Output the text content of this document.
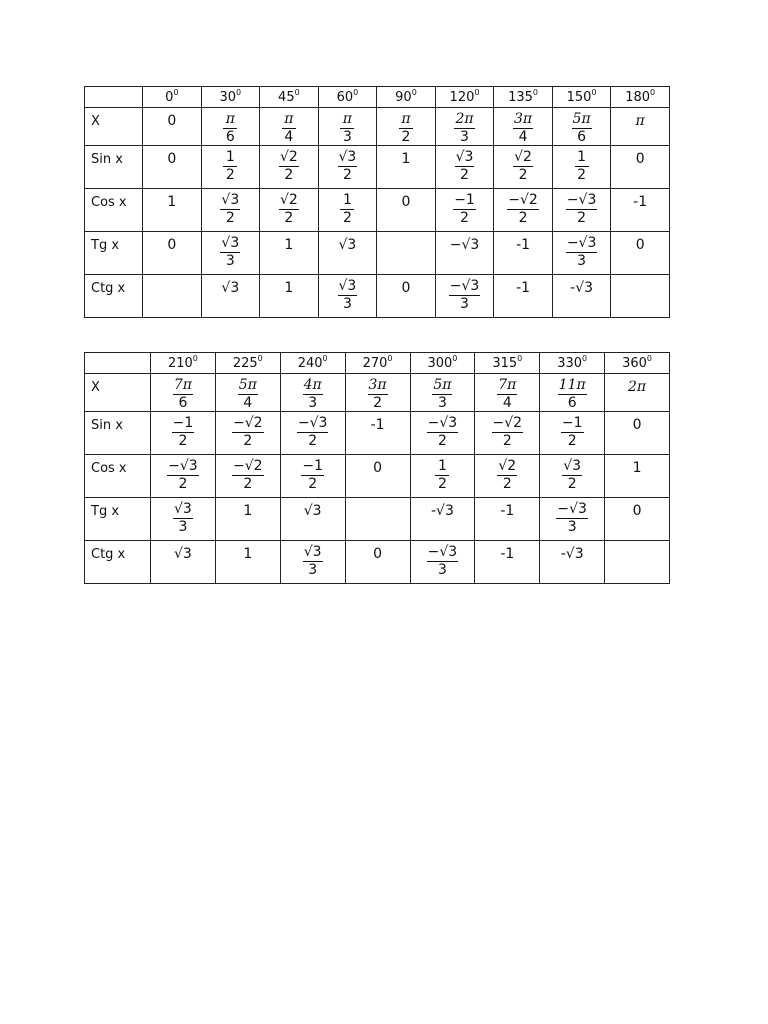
	$0^0$	$30^0$	$45^0$	$60^0$	$90^0$	$120^0$	$135^0$	$150^0$	$180^0$
X	0	$\frac{\pi}{6}$	$\frac{\pi}{4}$	$\frac{\pi}{3}$	$\frac{\pi}{2}$	$\frac{2\pi}{3}$	$\frac{3\pi}{4}$	$\frac{5\pi}{6}$	π
Sin x	0	$\frac{1}{2}$	$\frac{√2}{2}$	$\frac{√3}{2}$	1	$\frac{√3}{2}$	$\frac{√2}{2}$	$\frac{1}{2}$	0
Cos x	1	$\frac{√3}{2}$	$\frac{√2}{2}$	$\frac{1}{2}$	0	$\frac{-1}{2}$	$\frac{-√2}{2}$	$\frac{-√3}{2}$	-1
Tg x	0	$\frac{√3}{3}$	1	√3		−√3	-1	$\frac{-√3}{3}$	0
Ctg x		√3	1	$\frac{√3}{3}$	0	$\frac{-√3}{3}$	-1	-√3	
	$210^0$	$225^0$	$240^0$	$270^0$	$300^0$	$315^0$	$330^0$	$360^0$
X	$\frac{7\pi}{6}$	$\frac{5\pi}{4}$	$\frac{4\pi}{3}$	$\frac{3\pi}{2}$	$\frac{5\pi}{3}$	$\frac{7\pi}{4}$	$\frac{11\pi}{6}$	2π
Sin x	$\frac{-1}{2}$	$\frac{-√2}{2}$	$\frac{-√3}{2}$	-1	$\frac{-√3}{2}$	$\frac{-√2}{2}$	$\frac{-1}{2}$	0
Cos x	$\frac{-√3}{2}$	$\frac{-√2}{2}$	$\frac{-1}{2}$	0	$\frac{1}{2}$	$\frac{√2}{2}$	$\frac{√3}{2}$	1
Tg x	$\frac{√3}{3}$	1	√3		-√3	-1	$\frac{-√3}{3}$	0
Ctg x	√3	1	$\frac{√3}{3}$	0	$\frac{-√3}{3}$	-1	-√3	
